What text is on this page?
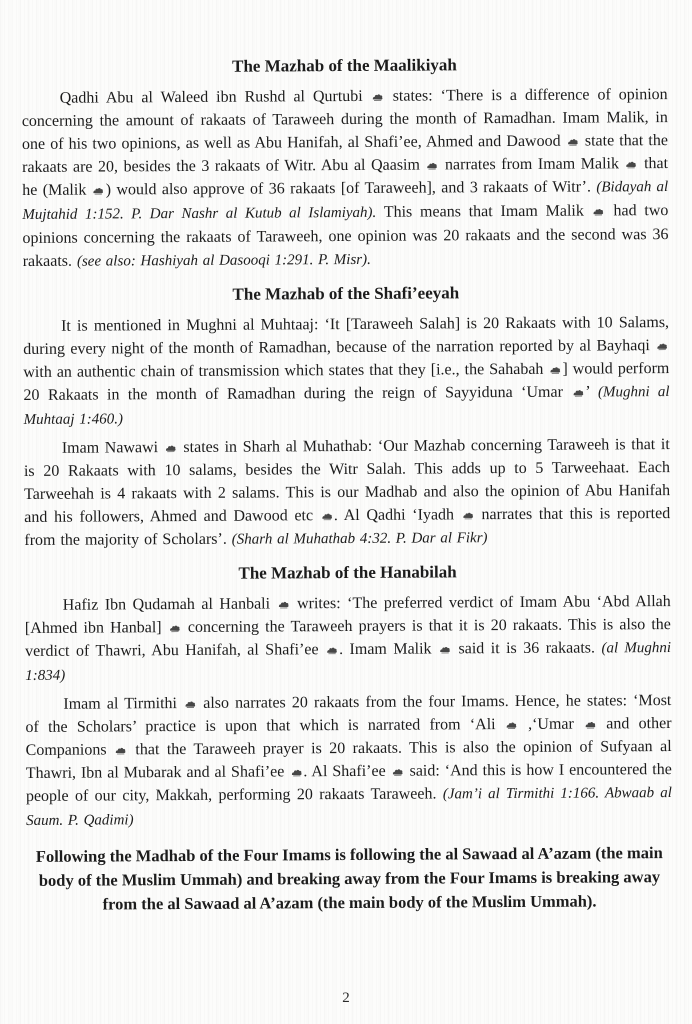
The Mazhab of the Maalikiyah

Qadhi Abu al Waleed ibn Rushd al Qurtubi
states: ‘There is a difference of opinion concerning the amount of rakaats of Taraweeh during the month of Ramadhan. Imam Malik, in one of his two opinions, as well as Abu Hanifah, al Shafi’ee, Ahmed and Dawood
state that the rakaats are 20, besides the 3 rakaats of Witr. Abu al Qaasim
narrates from Imam Malik
that he (Malik
) would also approve of 36 rakaats [of Taraweeh], and 3 rakaats of Witr’. (Bidayah al Mujtahid 1:152. P. Dar Nashr al Kutub al Islamiyah). This means that Imam Malik
had two opinions concerning the rakaats of Taraweeh, one opinion was 20 rakaats and the second was 36 rakaats. (see also: Hashiyah al Dasooqi 1:291. P. Misr).

The Mazhab of the Shafi’eeyah

It is mentioned in Mughni al Muhtaaj: ‘It [Taraweeh Salah] is 20 Rakaats with 10 Salams, during every night of the month of Ramadhan, because of the narration reported by al Bayhaqi
with an authentic chain of transmission which states that they [i.e., the Sahabah
] would perform 20 Rakaats in the month of Ramadhan during the reign of Sayyiduna ‘Umar
’ (Mughni al Muhtaaj 1:460.)

Imam Nawawi
states in Sharh al Muhathab: ‘Our Mazhab concerning Taraweeh is that it is 20 Rakaats with 10 salams, besides the Witr Salah. This adds up to 5 Tarweehaat. Each Tarweehah is 4 rakaats with 2 salams. This is our Madhab and also the opinion of Abu Hanifah and his followers, Ahmed and Dawood etc
. Al Qadhi ‘Iyadh
narrates that this is reported from the majority of Scholars’. (Sharh al Muhathab 4:32. P. Dar al Fikr)

The Mazhab of the Hanabilah

Hafiz Ibn Qudamah al Hanbali
writes: ‘The preferred verdict of Imam Abu ‘Abd Allah [Ahmed ibn Hanbal]
concerning the Taraweeh prayers is that it is 20 rakaats. This is also the verdict of Thawri, Abu Hanifah, al Shafi’ee
. Imam Malik
said it is 36 rakaats. (al Mughni 1:834)

Imam al Tirmithi
also narrates 20 rakaats from the four Imams. Hence, he states: ‘Most of the Scholars’ practice is upon that which is narrated from ‘Ali
,‘Umar
and other Companions
that the Taraweeh prayer is 20 rakaats. This is also the opinion of Sufyaan al Thawri, Ibn al Mubarak and al Shafi’ee
. Al Shafi’ee
said: ‘And this is how I encountered the people of our city, Makkah, performing 20 rakaats Taraweeh. (Jam’i al Tirmithi 1:166. Abwaab al Saum. P. Qadimi)

Following the Madhab of the Four Imams is following the al Sawaad al A’azam (the main body of the Muslim Ummah) and breaking away from the Four Imams is breaking away from the al Sawaad al A’azam (the main body of the Muslim Ummah).

2
